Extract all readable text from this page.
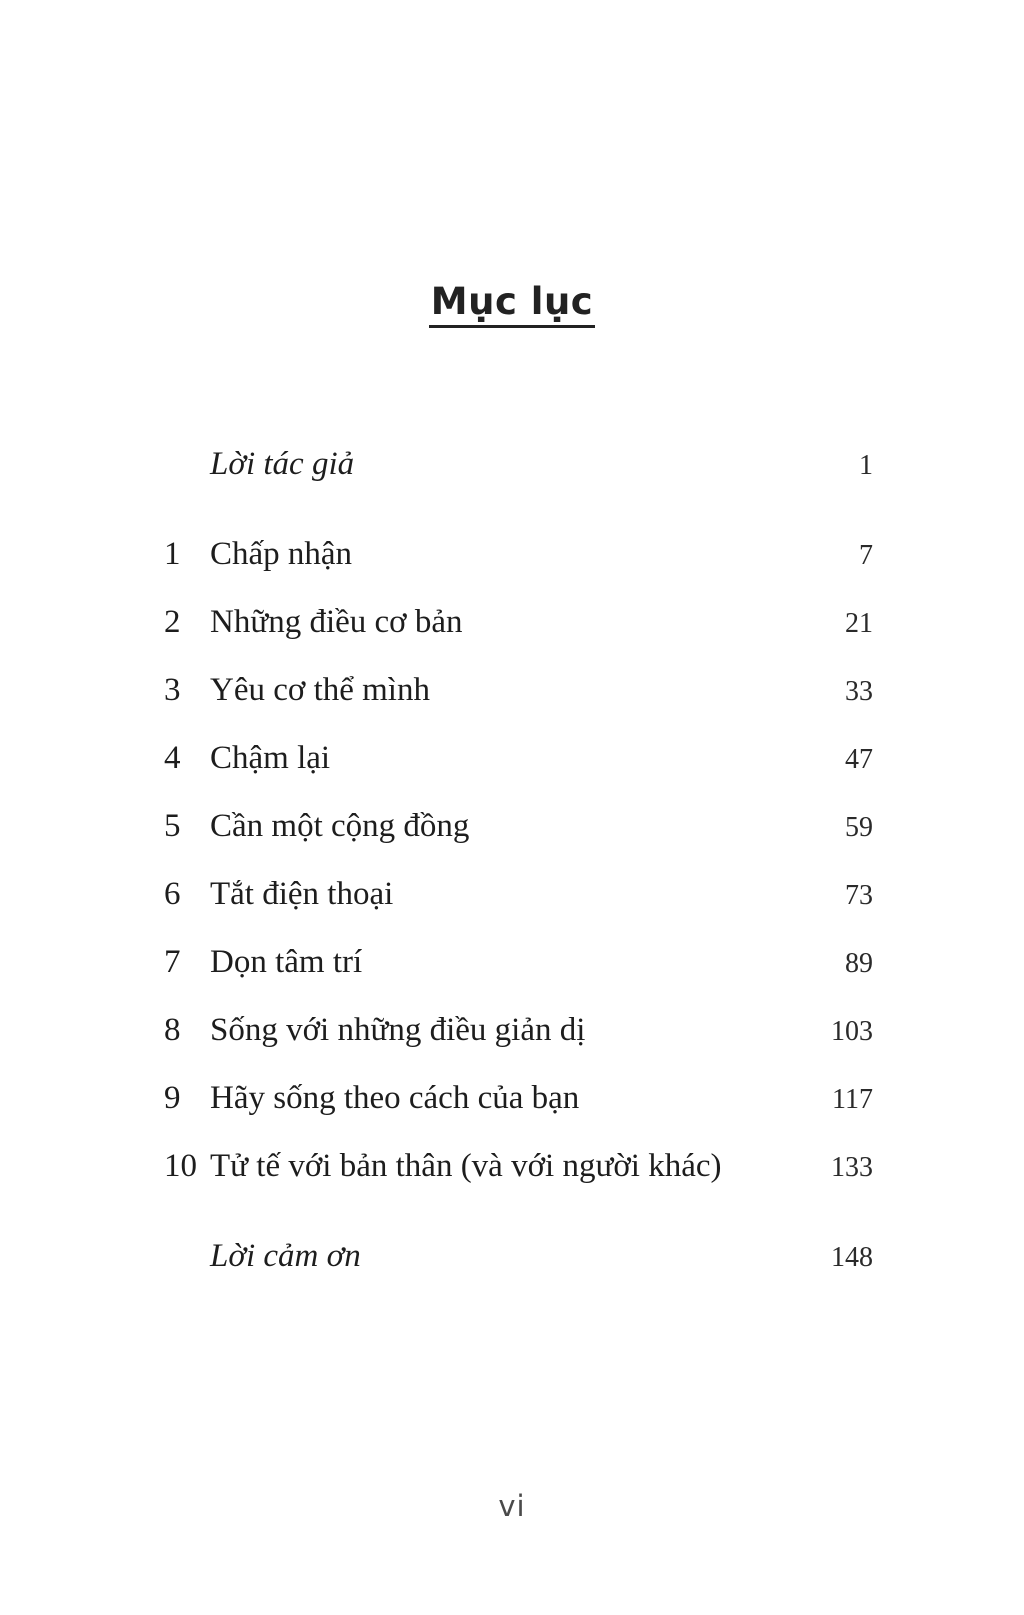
Mục lục
Lời tác giả	1
1 Chấp nhận	7
2 Những điều cơ bản	21
3 Yêu cơ thể mình	33
4 Chậm lại	47
5 Cần một cộng đồng	59
6 Tắt điện thoại	73
7 Dọn tâm trí	89
8 Sống với những điều giản dị	103
9 Hãy sống theo cách của bạn	117
10 Tử tế với bản thân (và với người khác)	133
Lời cảm ơn	148
vi
